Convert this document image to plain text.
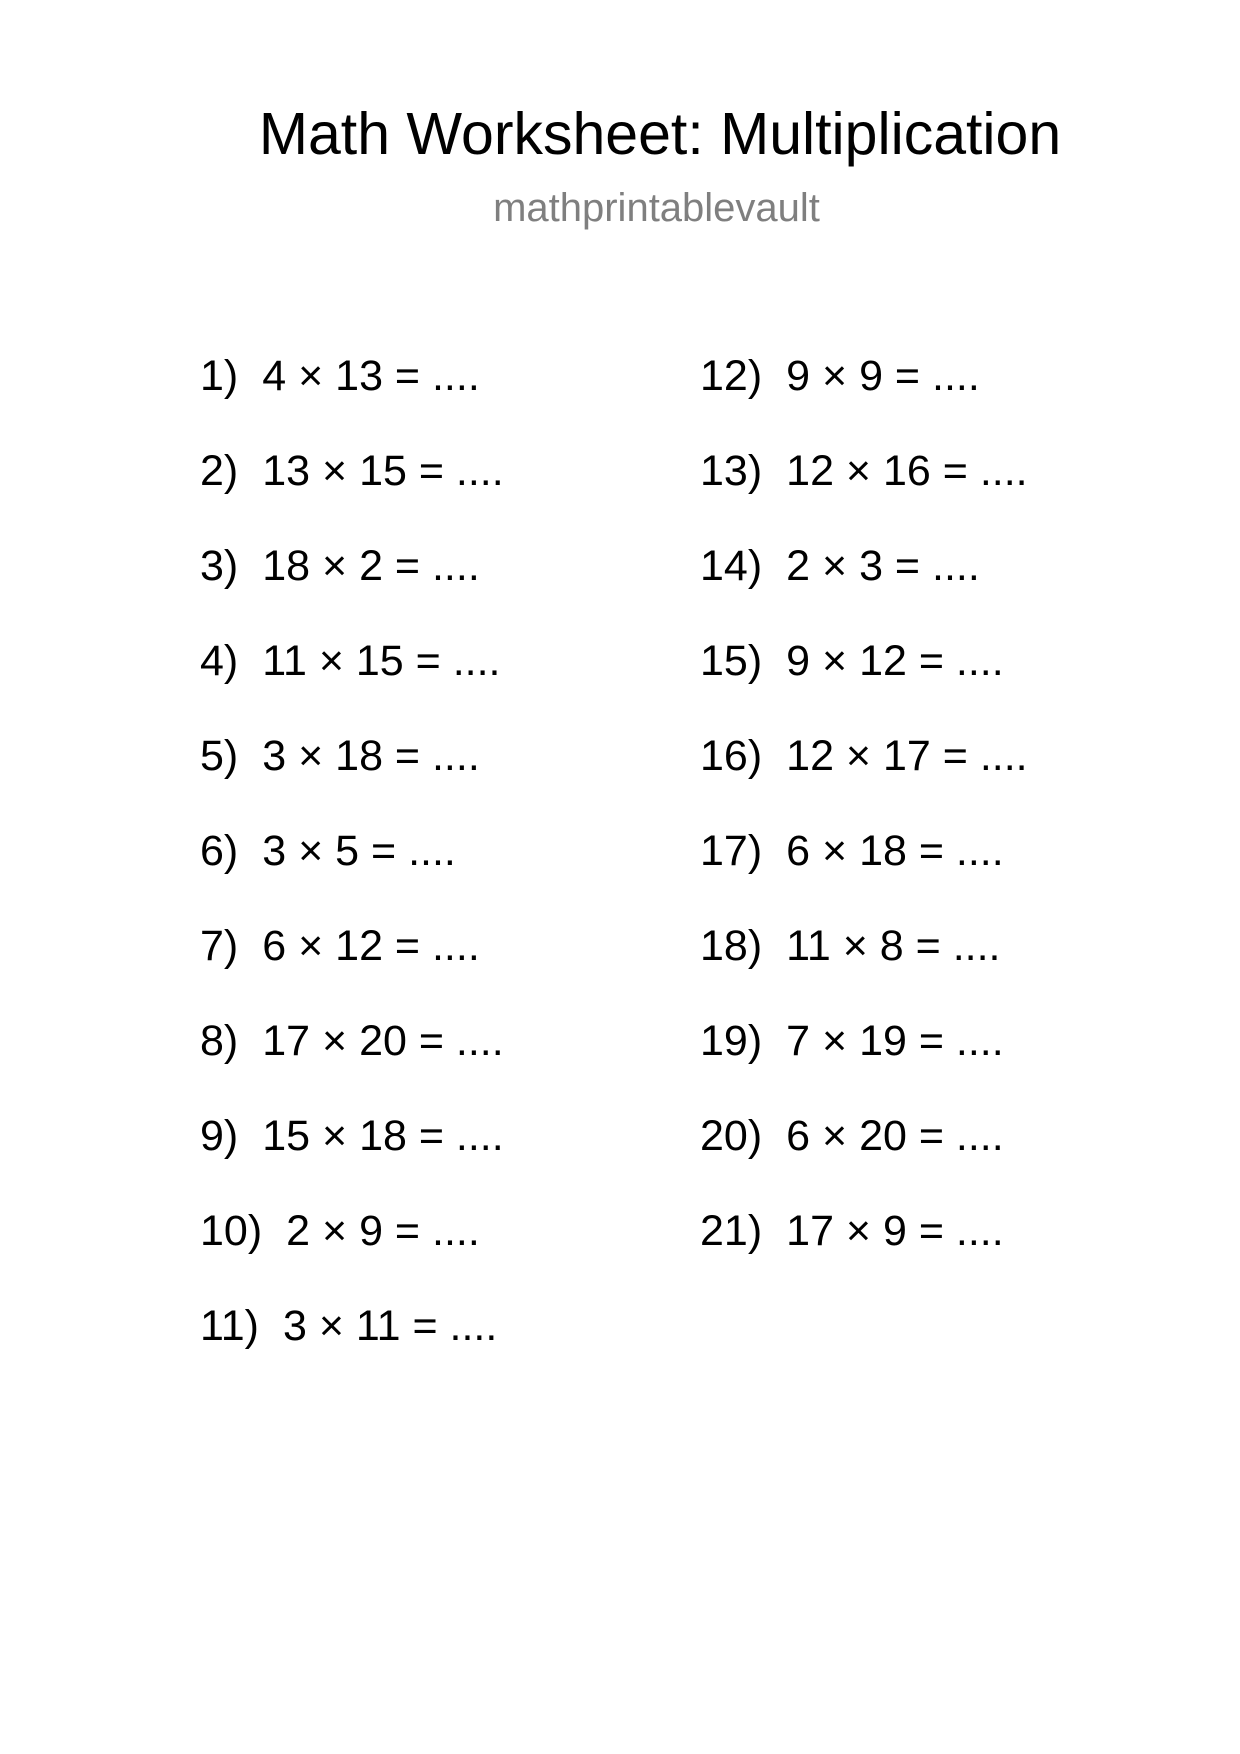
Math Worksheet: Multiplication
mathprintablevault
1) 4 × 13 = ....
2) 13 × 15 = ....
3) 18 × 2 = ....
4) 11 × 15 = ....
5) 3 × 18 = ....
6) 3 × 5 = ....
7) 6 × 12 = ....
8) 17 × 20 = ....
9) 15 × 18 = ....
10) 2 × 9 = ....
11) 3 × 11 = ....
12) 9 × 9 = ....
13) 12 × 16 = ....
14) 2 × 3 = ....
15) 9 × 12 = ....
16) 12 × 17 = ....
17) 6 × 18 = ....
18) 11 × 8 = ....
19) 7 × 19 = ....
20) 6 × 20 = ....
21) 17 × 9 = ....
